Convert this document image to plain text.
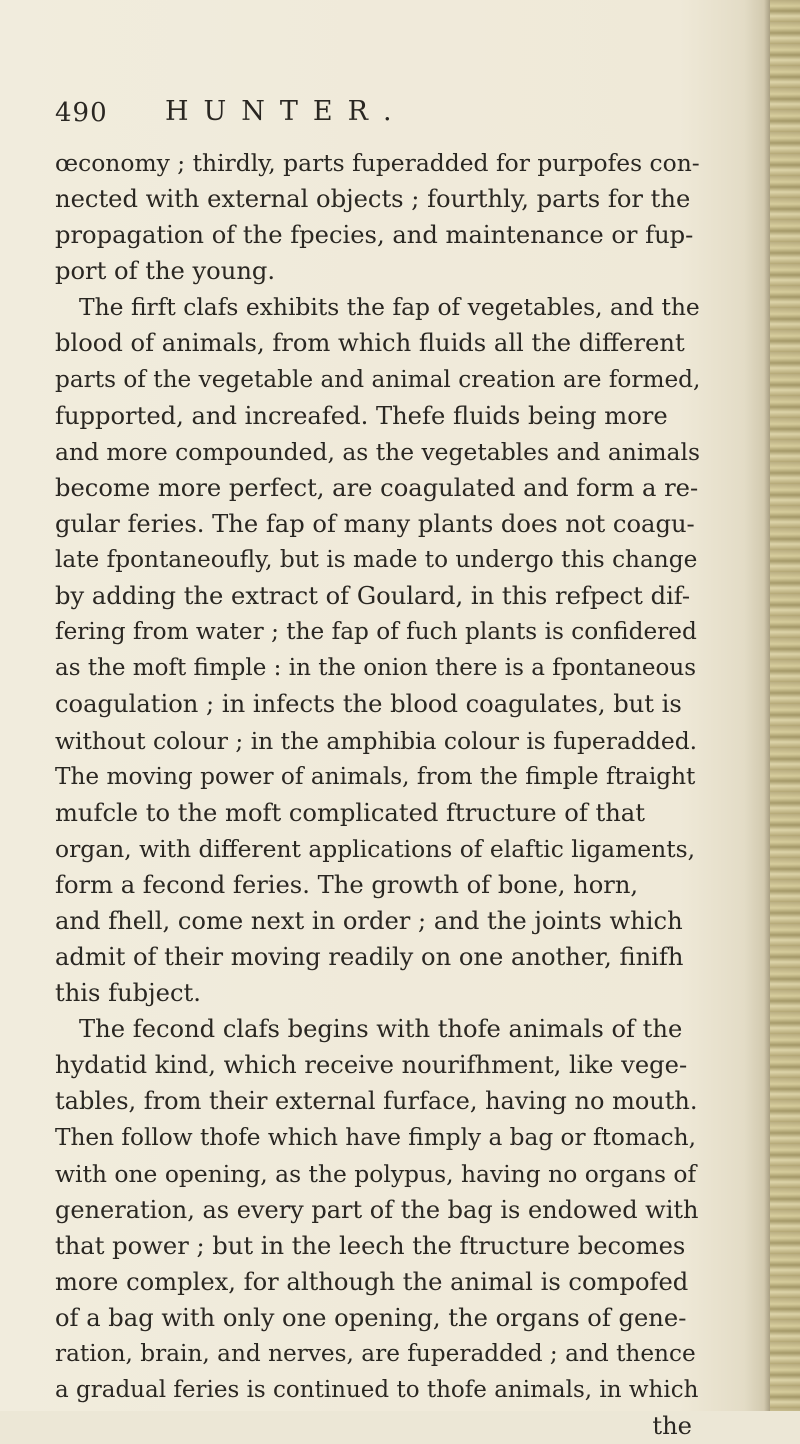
490 HUNTER.
œconomy ; thirdly, parts fuperadded for purpofes con-
nected with external objects ; fourthly, parts for the
propagation of the fpecies, and maintenance or fup-
port of the young.
The firft clafs exhibits the fap of vegetables, and the
blood of animals, from which fluids all the different
parts of the vegetable and animal creation are formed,
fupported, and increafed. Thefe fluids being more
and more compounded, as the vegetables and animals
become more perfect, are coagulated and form a re-
gular feries. The fap of many plants does not coagu-
late fpontaneoufly, but is made to undergo this change
by adding the extract of Goulard, in this refpect dif-
fering from water ; the fap of fuch plants is confidered
as the moft fimple : in the onion there is a fpontaneous
coagulation ; in infects the blood coagulates, but is
without colour ; in the amphibia colour is fuperadded.
The moving power of animals, from the fimple ftraight
mufcle to the moft complicated ftructure of that
organ, with different applications of elaftic ligaments,
form a fecond feries. The growth of bone, horn,
and fhell, come next in order ; and the joints which
admit of their moving readily on one another, finifh
this fubject.
The fecond clafs begins with thofe animals of the
hydatid kind, which receive nourifhment, like vege-
tables, from their external furface, having no mouth.
Then follow thofe which have fimply a bag or ftomach,
with one opening, as the polypus, having no organs of
generation, as every part of the bag is endowed with
that power ; but in the leech the ftructure becomes
more complex, for although the animal is compofed
of a bag with only one opening, the organs of gene-
ration, brain, and nerves, are fuperadded ; and thence
a gradual feries is continued to thofe animals, in which
the
